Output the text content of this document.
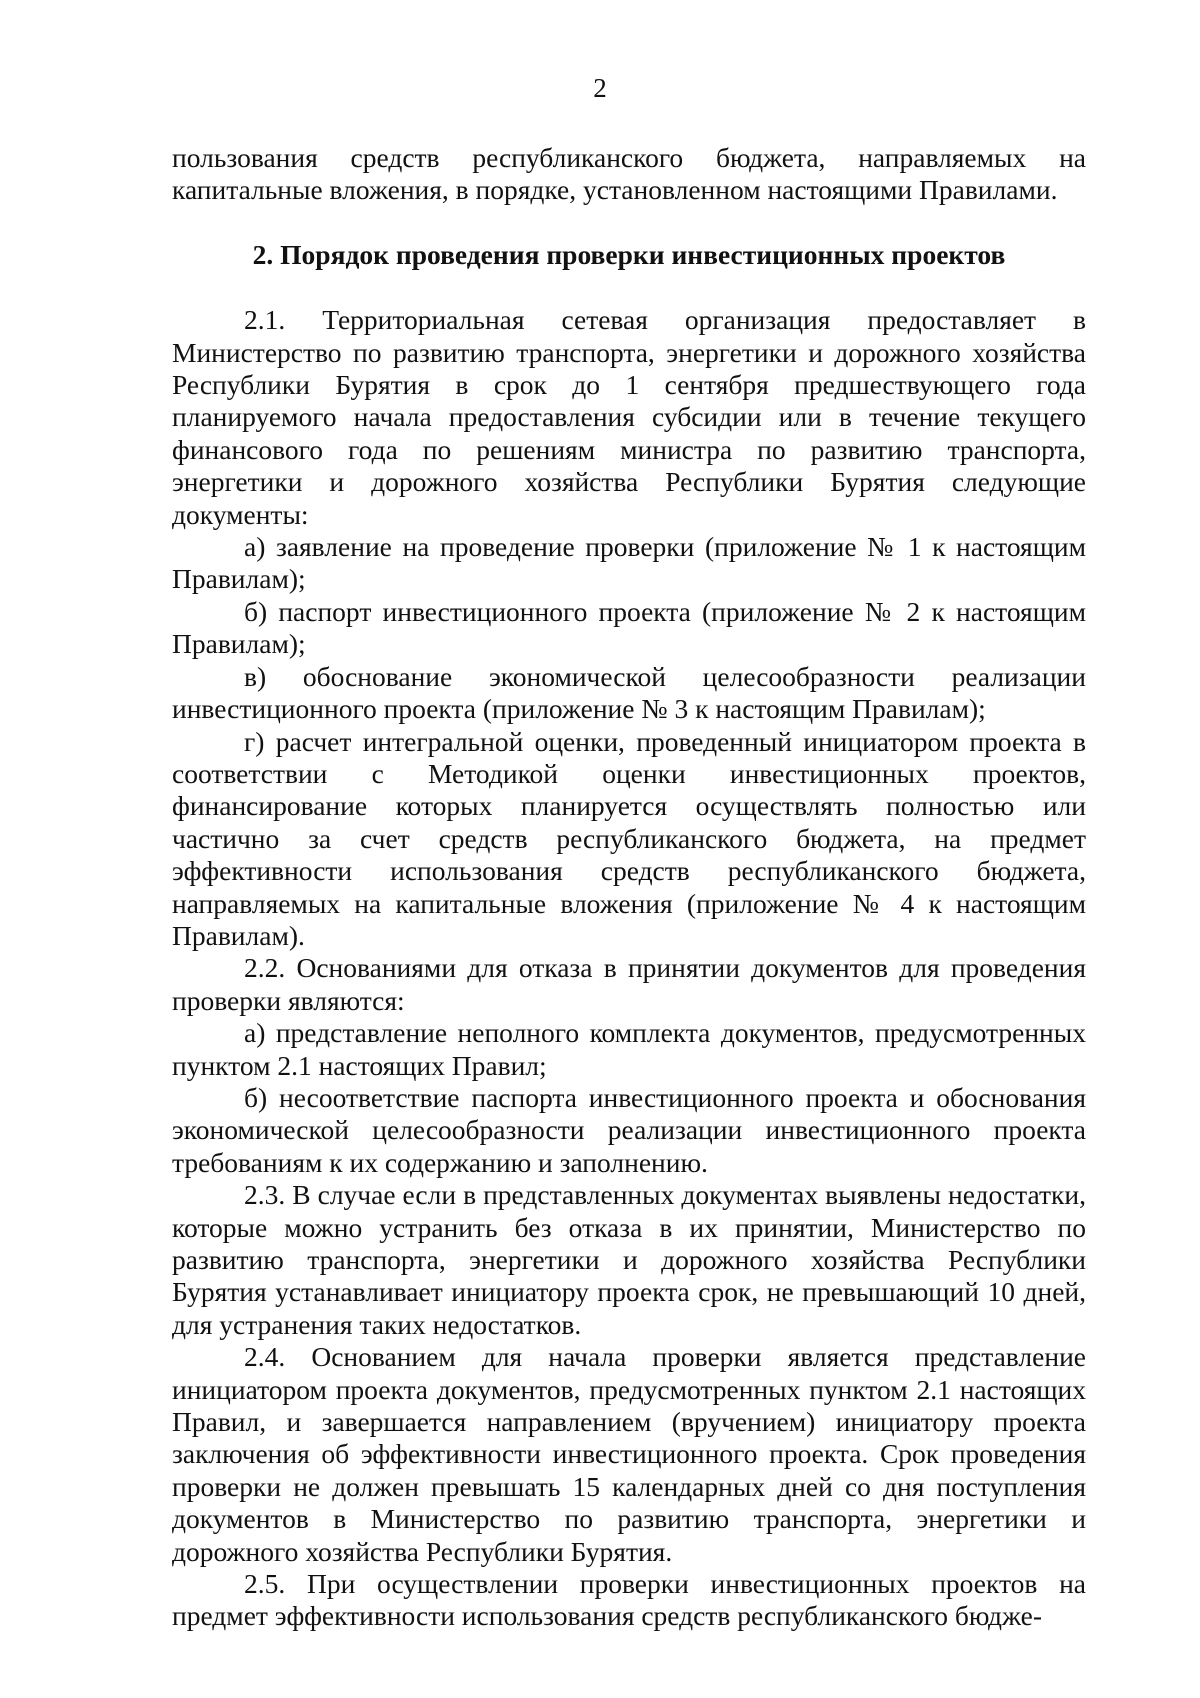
2

пользования средств республиканского бюджета, направляемых на капитальные вложения, в порядке, установленном настоящими Правилами.

2. Порядок проведения проверки инвестиционных проектов

2.1. Территориальная сетевая организация предоставляет в Министерство по развитию транспорта, энергетики и дорожного хозяйства Республики Бурятия в срок до 1 сентября предшествующего года планируемого начала предоставления субсидии или в течение текущего финансового года по решениям министра по развитию транспорта, энергетики и дорожного хозяйства Республики Бурятия следующие документы:

а) заявление на проведение проверки (приложение № 1 к настоящим Правилам);

б) паспорт инвестиционного проекта (приложение № 2 к настоящим Правилам);

в) обоснование экономической целесообразности реализации инвестиционного проекта (приложение № 3 к настоящим Правилам);

г) расчет интегральной оценки, проведенный инициатором проекта в соответствии с Методикой оценки инвестиционных проектов, финансирование которых планируется осуществлять полностью или частично за счет средств республиканского бюджета, на предмет эффективности использования средств республиканского бюджета, направляемых на капитальные вложения (приложение № 4 к настоящим Правилам).

2.2. Основаниями для отказа в принятии документов для проведения проверки являются:

а) представление неполного комплекта документов, предусмотренных пунктом 2.1 настоящих Правил;

б) несоответствие паспорта инвестиционного проекта и обоснования экономической целесообразности реализации инвестиционного проекта требованиям к их содержанию и заполнению.

2.3. В случае если в представленных документах выявлены недостатки, которые можно устранить без отказа в их принятии, Министерство по развитию транспорта, энергетики и дорожного хозяйства Республики Бурятия устанавливает инициатору проекта срок, не превышающий 10 дней, для устранения таких недостатков.

2.4. Основанием для начала проверки является представление инициатором проекта документов, предусмотренных пунктом 2.1 настоящих Правил, и завершается направлением (вручением) инициатору проекта заключения об эффективности инвестиционного проекта. Срок проведения проверки не должен превышать 15 календарных дней со дня поступления документов в Министерство по развитию транспорта, энергетики и дорожного хозяйства Республики Бурятия.

2.5. При осуществлении проверки инвестиционных проектов на предмет эффективности использования средств республиканского бюдже-
